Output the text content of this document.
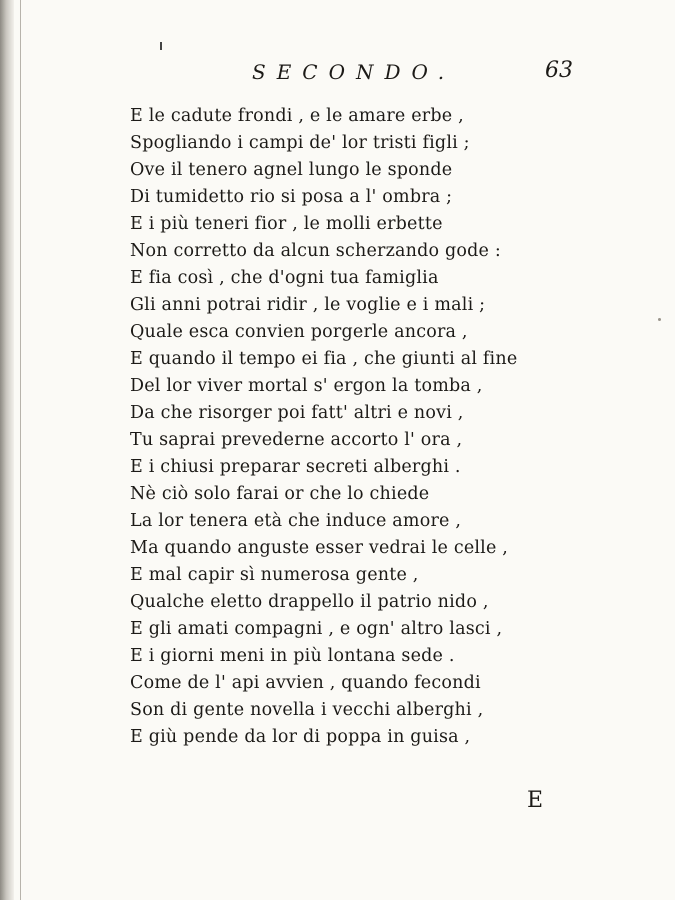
SECONDO.	63
E le cadute frondi , e le amare erbe ,
Spogliando i campi de' lor tristi figli ;
Ove il tenero agnel lungo le sponde
Di tumidetto rio si posa a l' ombra ;
E i più teneri fior , le molli erbette
Non corretto da alcun scherzando gode :
E fia così , che d'ogni tua famiglia
Gli anni potrai ridir , le voglie e i mali ;
Quale esca convien porgerle ancora ,
E quando il tempo ei fia , che giunti al fine
Del lor viver mortal s' ergon la tomba ,
Da che risorger poi fatt' altri e novi ,
Tu saprai prevederne accorto l' ora ,
E i chiusi preparar secreti alberghi .
Nè ciò solo farai or che lo chiede
La lor tenera età che induce amore ,
Ma quando anguste esser vedrai le celle ,
E mal capir sì numerosa gente ,
Qualche eletto drappello il patrio nido ,
E gli amati compagni , e ogn' altro lasci ,
E i giorni meni in più lontana sede .
Come de l' api avvien , quando fecondi
Son di gente novella i vecchi alberghi ,
E giù pende da lor di poppa in guisa ,
E
